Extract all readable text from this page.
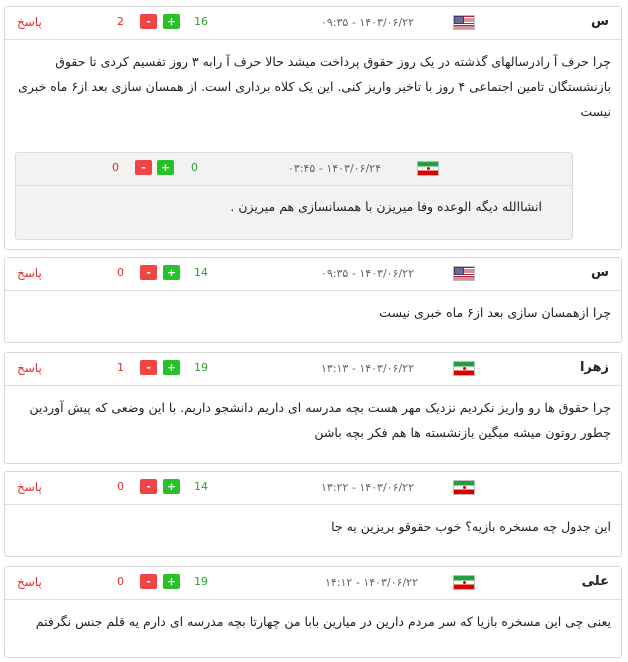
س
۱۴۰۳/۰۶/۲۲ - ۰۹:۳۵
16
+
-
2
پاسخ
چرا حرف آ رادرسالهای گذشته در یک روز حقوق پرداخت میشد حالا حرف آ رابه ۳ روز تفسیم کردی تا حقوق بازنشستگان تامین اجتماعی ۴ روز با تاخیر واریز کنی. این یک کلاه برداری است. از همسان سازی بعد از۶ ماه خبری نیست
۱۴۰۳/۰۶/۲۴ - ۰۳:۴۵
0
+
-
0
انشاالله دیگه الوعده وفا میریزن با همسانسازی هم میریزن .
س
۱۴۰۳/۰۶/۲۲ - ۰۹:۳۵
14
+
-
0
پاسخ
چرا ازهمسان سازی بعد از۶ ماه خبری نیست
زهرا
۱۴۰۳/۰۶/۲۲ - ۱۳:۱۳
19
+
-
1
پاسخ
چرا حقوق ها رو واریز نکردیم نزدیک مهر هست بچه مدرسه ای داریم دانشجو داریم. با این وضعی که پیش آوردین چطور روتون میشه میگین بازنشسته ها هم فکر بچه باشن
۱۴۰۳/۰۶/۲۲ - ۱۳:۲۲
14
+
-
0
پاسخ
این جدول چه مسخره بازیه؟ خوب حقوقو بریزین یه جا
علی
۱۴۰۳/۰۶/۲۲ - ۱۴:۱۲
19
+
-
0
پاسخ
یعنی چی این مسخره بازیا که سر مردم دارین در میارین بابا من چهارتا بچه مدرسه ای دارم یه قلم جنس نگرفتم
